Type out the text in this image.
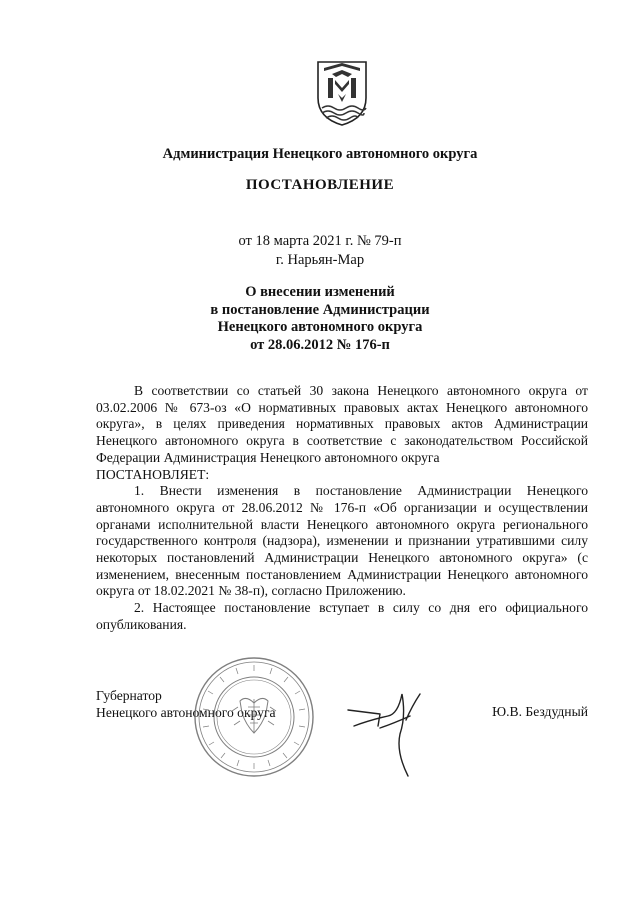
Администрация Ненецкого автономного округа
ПОСТАНОВЛЕНИЕ
от 18 марта 2021 г. № 79-п
г. Нарьян-Мар
О внесении изменений
в постановление Администрации
Ненецкого автономного округа
от 28.06.2012 № 176-п

В соответствии со статьей 30 закона Ненецкого автономного округа от 03.02.2006 № 673-оз «О нормативных правовых актах Ненецкого автономного округа», в целях приведения нормативных правовых актов Администрации Ненецкого автономного округа в соответствие с законодательством Российской Федерации Администрация Ненецкого автономного округа

ПОСТАНОВЛЯЕТ:

1. Внести изменения в постановление Администрации Ненецкого автономного округа от 28.06.2012 № 176-п «Об организации и осуществлении органами исполнительной власти Ненецкого автономного округа регионального государственного контроля (надзора), изменении и признании утратившими силу некоторых постановлений Администрации Ненецкого автономного округа» (с изменением, внесенным постановлением Администрации Ненецкого автономного округа от 18.02.2021 № 38-п), согласно Приложению.

2. Настоящее постановление вступает в силу со дня его официального опубликования.

Губернатор
Ненецкого автономного округа	Ю.В. Бездудный
